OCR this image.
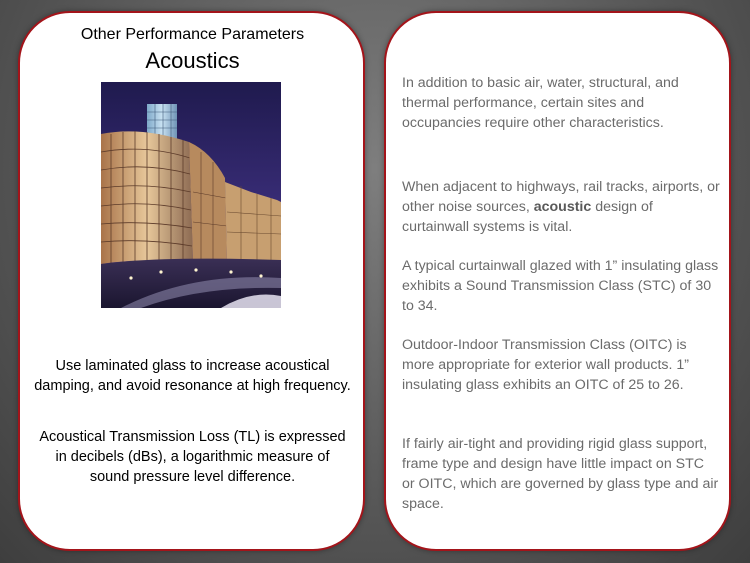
Other Performance Parameters
Acoustics
Use laminated glass to increase acoustical damping, and avoid resonance at high frequency.
Acoustical Transmission Loss (TL) is expressed in decibels (dBs), a logarithmic measure of sound pressure level difference.
In addition to basic air, water, structural, and thermal performance, certain sites and occupancies require other characteristics.
When adjacent to highways, rail tracks, airports, or other noise sources, acoustic design of curtainwall systems is vital.
A typical curtainwall glazed with 1” insulating glass exhibits a Sound Transmission Class (STC) of 30 to 34.
Outdoor-Indoor Transmission Class (OITC) is more appropriate for exterior wall products. 1” insulating glass exhibits an OITC of 25 to 26.
If fairly air-tight and providing rigid glass support, frame type and design have little impact on STC or OITC, which are governed by glass type and air space.
